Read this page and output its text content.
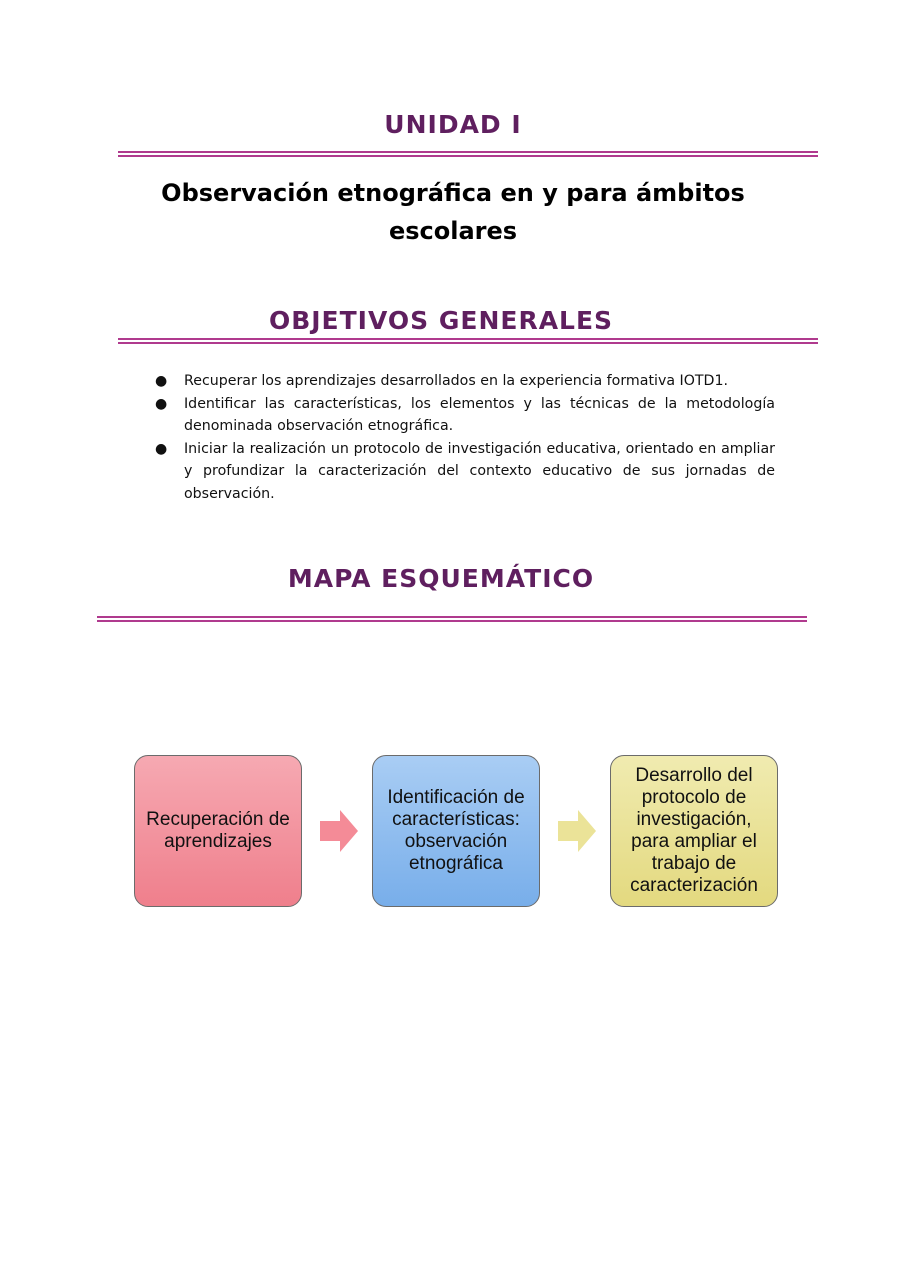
UNIDAD I
Observación etnográfica en y para ámbitos escolares
OBJETIVOS GENERALES
● Recuperar los aprendizajes desarrollados en la experiencia formativa IOTD1.
● Identificar las características, los elementos y las técnicas de la metodología denominada observación etnográfica.
● Iniciar la realización un protocolo de investigación educativa, orientado en ampliar y profundizar la caracterización del contexto educativo de sus jornadas de observación.
MAPA ESQUEMÁTICO
Recuperación de aprendizajes
Identificación de características: observación etnográfica
Desarrollo del protocolo de investigación, para ampliar el trabajo de caracterización
